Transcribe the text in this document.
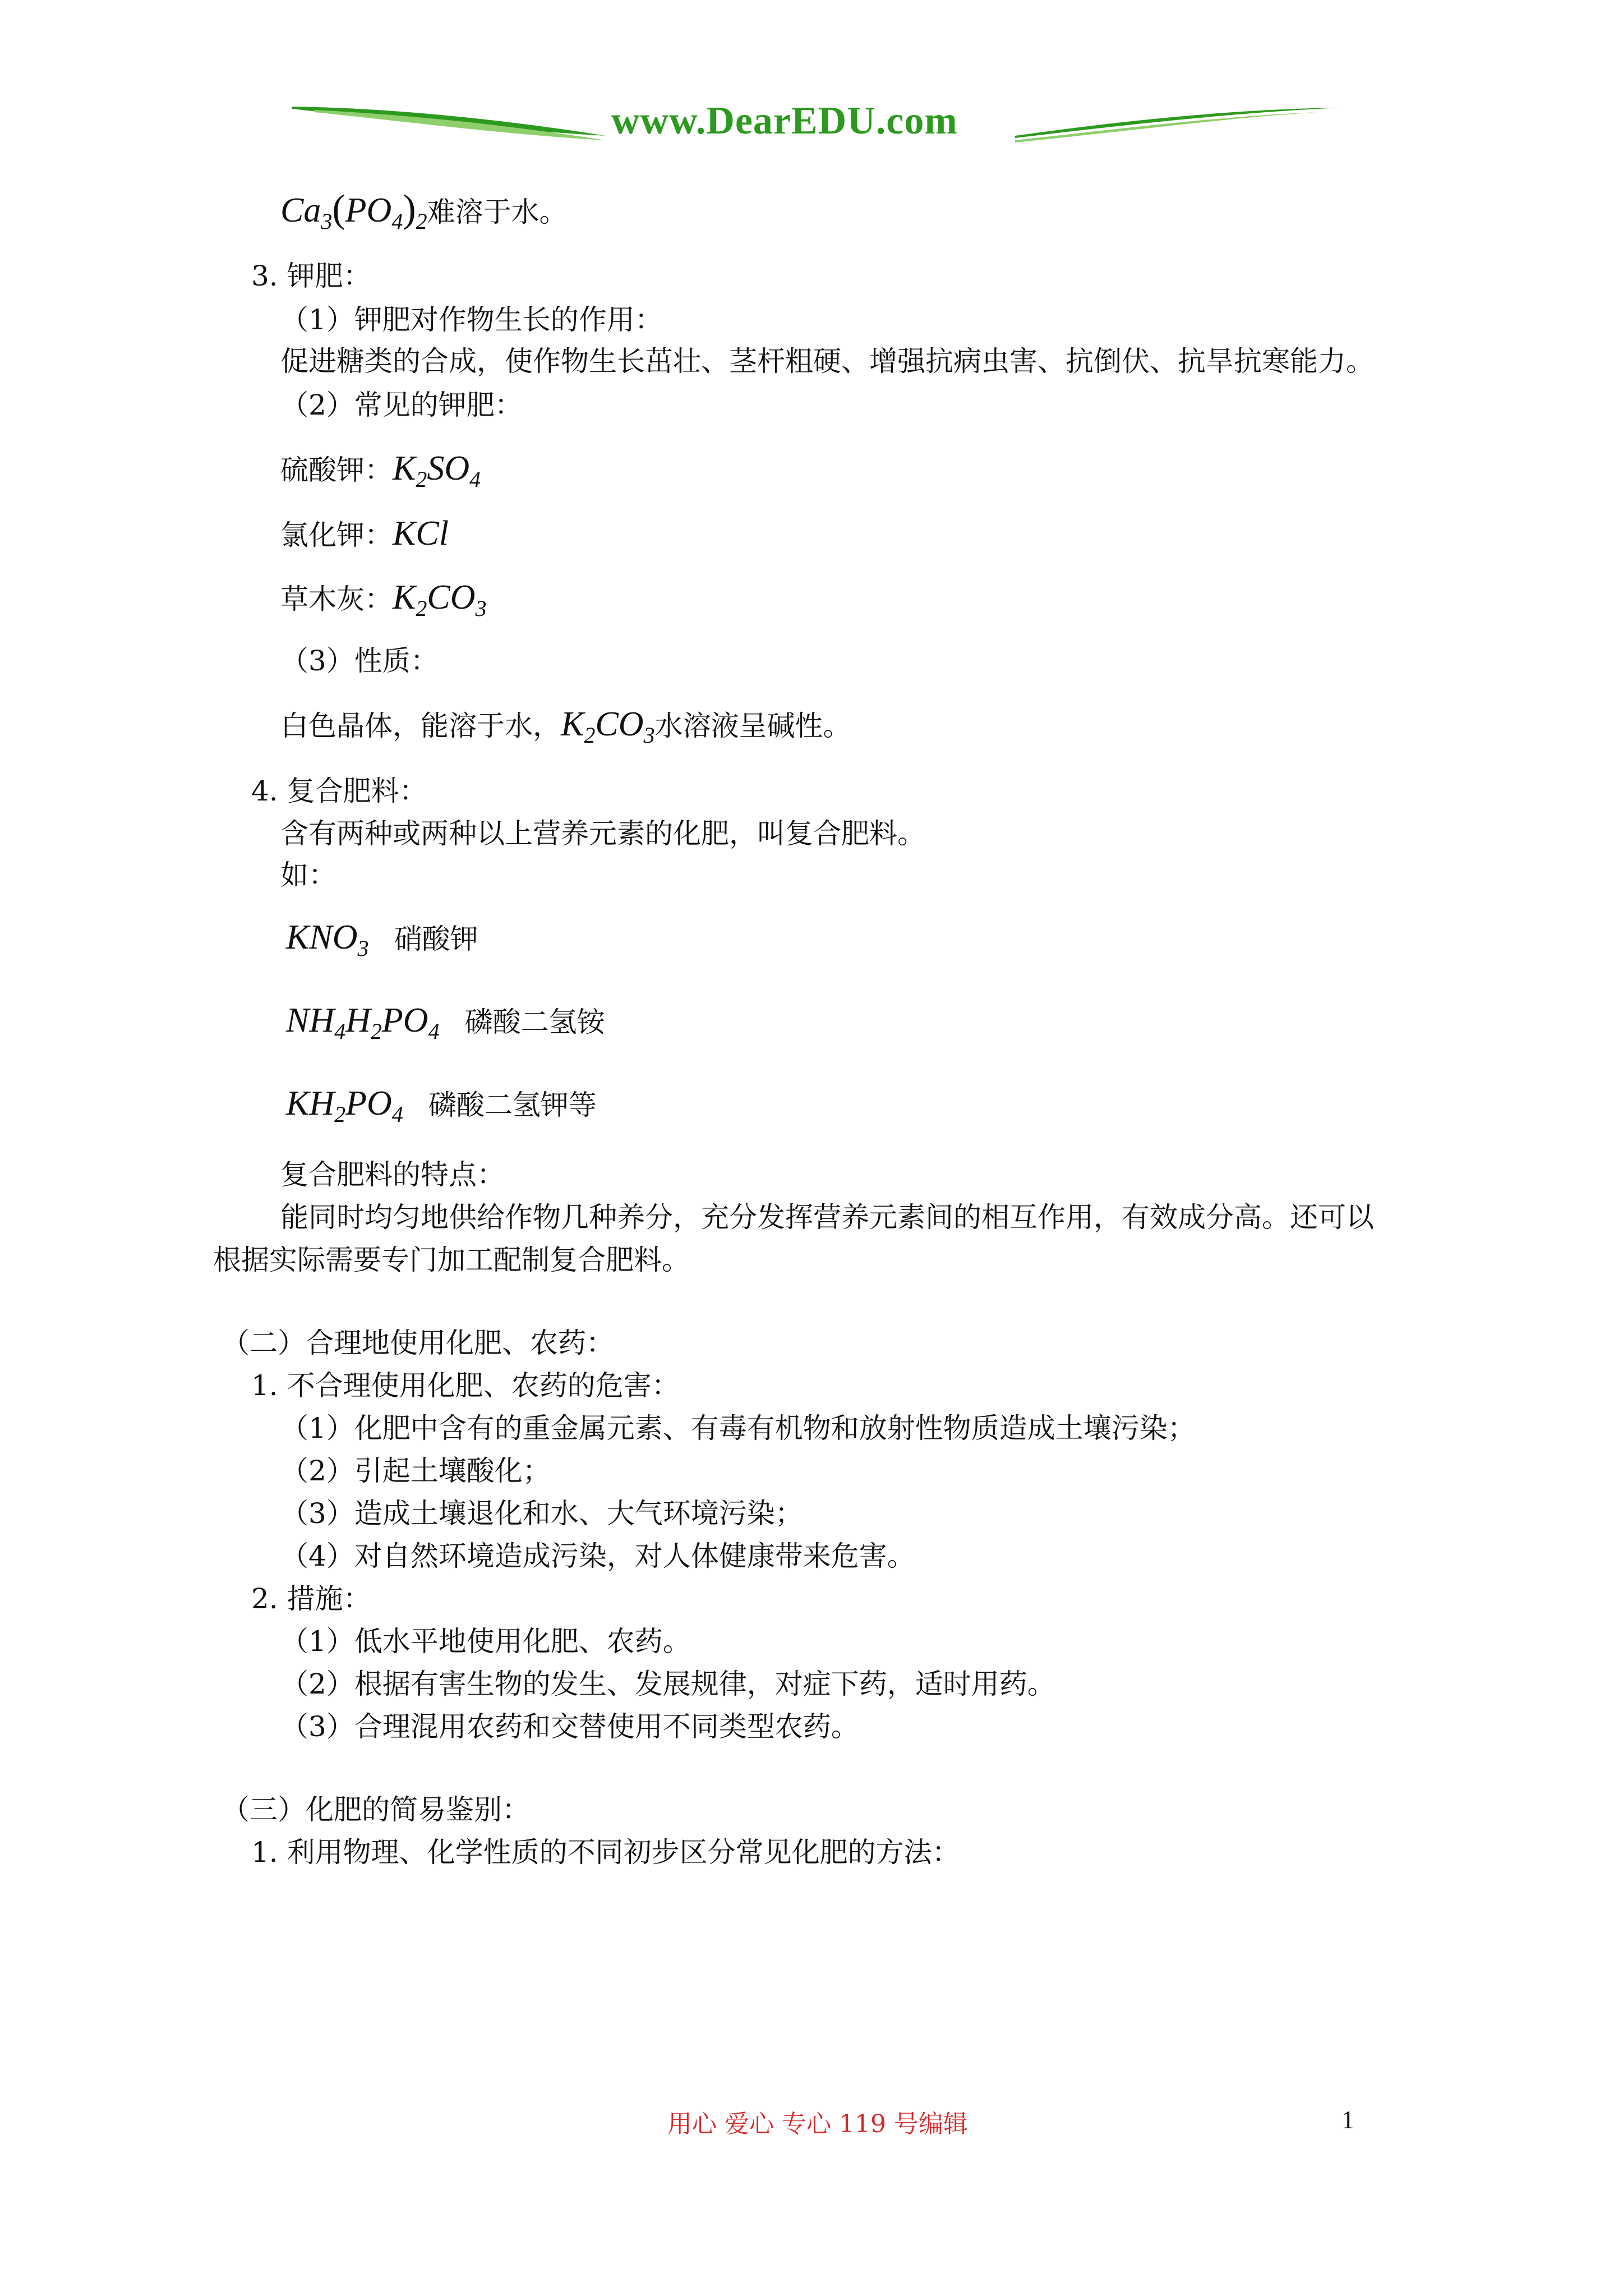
www.DearEDU.com
$Ca_3(PO_4)_2$难溶于水。
3. 钾肥：
（1）钾肥对作物生长的作用：
促进糖类的合成，使作物生长茁壮、茎杆粗硬、增强抗病虫害、抗倒伏、抗旱抗寒能力。
（2）常见的钾肥：
硫酸钾：$K_2SO_4$
氯化钾：KCl
草木灰：$K_2CO_3$
（3）性质：
白色晶体，能溶于水，$K_2CO_3$水溶液呈碱性。
4. 复合肥料：
含有两种或两种以上营养元素的化肥，叫复合肥料。
如：
$KNO_3$ 硝酸钾
$NH_4H_2PO_4$ 磷酸二氢铵
$KH_2PO_4$ 磷酸二氢钾等
复合肥料的特点：
能同时均匀地供给作物几种养分，充分发挥营养元素间的相互作用，有效成分高。还可以
根据实际需要专门加工配制复合肥料。
（二）合理地使用化肥、农药：
1. 不合理使用化肥、农药的危害：
（1）化肥中含有的重金属元素、有毒有机物和放射性物质造成土壤污染；
（2）引起土壤酸化；
（3）造成土壤退化和水、大气环境污染；
（4）对自然环境造成污染，对人体健康带来危害。
2. 措施：
（1）低水平地使用化肥、农药。
（2）根据有害生物的发生、发展规律，对症下药，适时用药。
（3）合理混用农药和交替使用不同类型农药。
（三）化肥的简易鉴别：
1. 利用物理、化学性质的不同初步区分常见化肥的方法：
用心 爱心 专心 119 号编辑	1
